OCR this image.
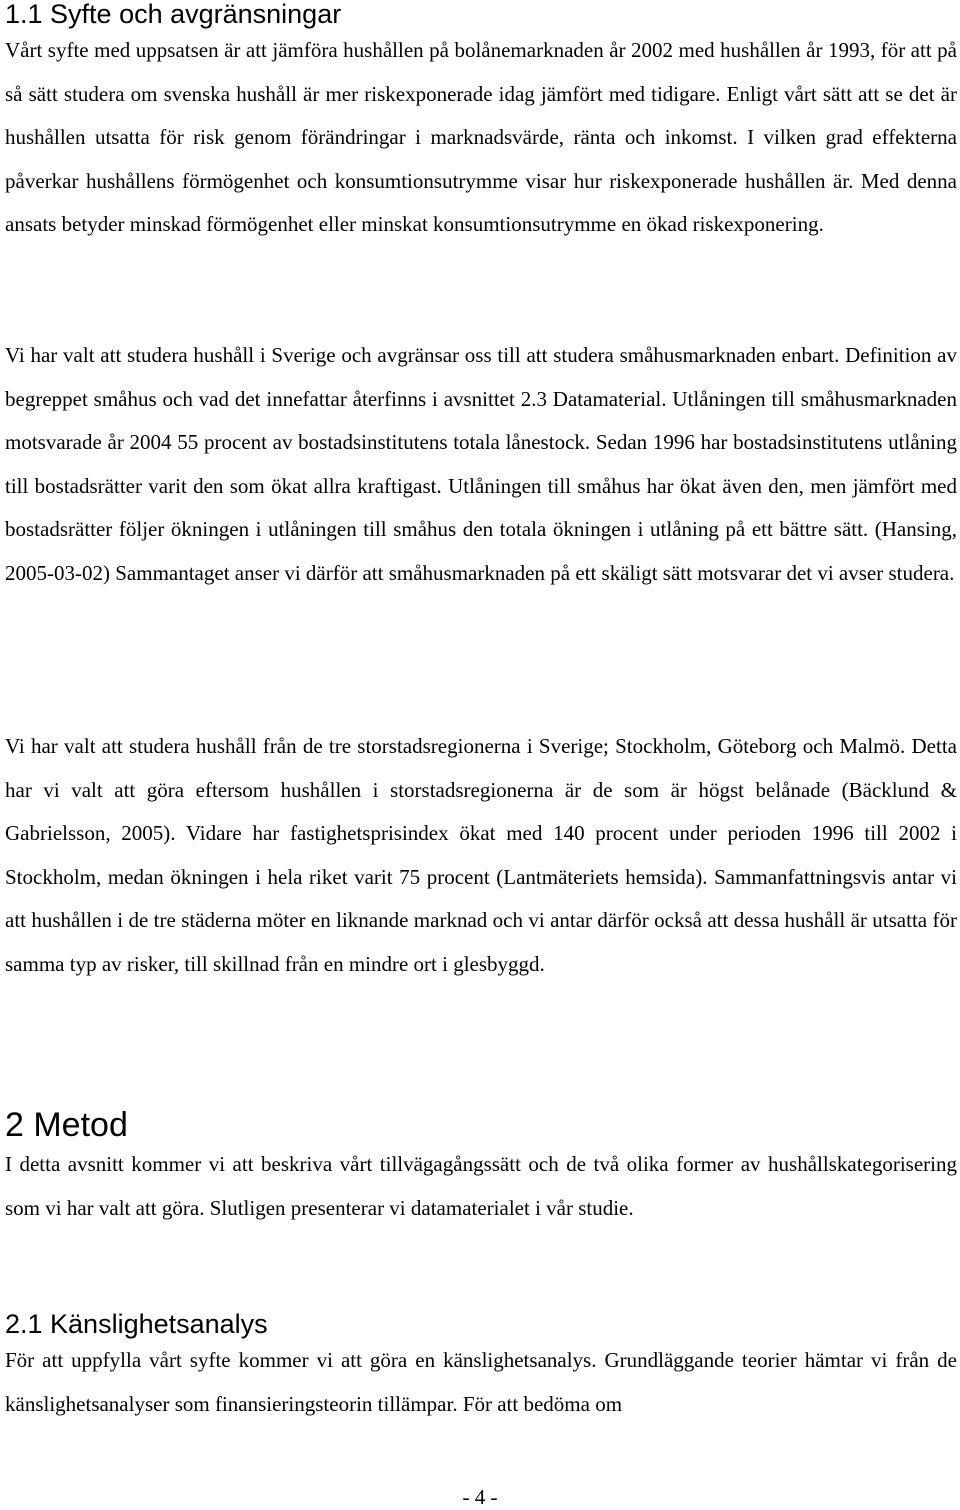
1.1 Syfte och avgränsningar

Vårt syfte med uppsatsen är att jämföra hushållen på bolånemarknaden år 2002 med hushållen år 1993, för att på så sätt studera om svenska hushåll är mer riskexponerade idag jämfört med tidigare. Enligt vårt sätt att se det är hushållen utsatta för risk genom förändringar i marknadsvärde, ränta och inkomst. I vilken grad effekterna påverkar hushållens förmögenhet och konsumtionsutrymme visar hur riskexponerade hushållen är. Med denna ansats betyder minskad förmögenhet eller minskat konsumtionsutrymme en ökad riskexponering.

Vi har valt att studera hushåll i Sverige och avgränsar oss till att studera småhusmarknaden enbart. Definition av begreppet småhus och vad det innefattar återfinns i avsnittet 2.3 Datamaterial. Utlåningen till småhusmarknaden motsvarade år 2004 55 procent av bostadsinstitutens totala lånestock. Sedan 1996 har bostadsinstitutens utlåning till bostadsrätter varit den som ökat allra kraftigast. Utlåningen till småhus har ökat även den, men jämfört med bostadsrätter följer ökningen i utlåningen till småhus den totala ökningen i utlåning på ett bättre sätt. (Hansing, 2005-03-02) Sammantaget anser vi därför att småhusmarknaden på ett skäligt sätt motsvarar det vi avser studera.

Vi har valt att studera hushåll från de tre storstadsregionerna i Sverige; Stockholm, Göteborg och Malmö. Detta har vi valt att göra eftersom hushållen i storstadsregionerna är de som är högst belånade (Bäcklund & Gabrielsson, 2005). Vidare har fastighetsprisindex ökat med 140 procent under perioden 1996 till 2002 i Stockholm, medan ökningen i hela riket varit 75 procent (Lantmäteriets hemsida). Sammanfattningsvis antar vi att hushållen i de tre städerna möter en liknande marknad och vi antar därför också att dessa hushåll är utsatta för samma typ av risker, till skillnad från en mindre ort i glesbyggd.

2 Metod

I detta avsnitt kommer vi att beskriva vårt tillvägagångssätt och de två olika former av hushållskategorisering som vi har valt att göra. Slutligen presenterar vi datamaterialet i vår studie.

2.1 Känslighetsanalys

För att uppfylla vårt syfte kommer vi att göra en känslighetsanalys. Grundläggande teorier hämtar vi från de känslighetsanalyser som finansieringsteorin tillämpar. För att bedöma om

- 4 -
